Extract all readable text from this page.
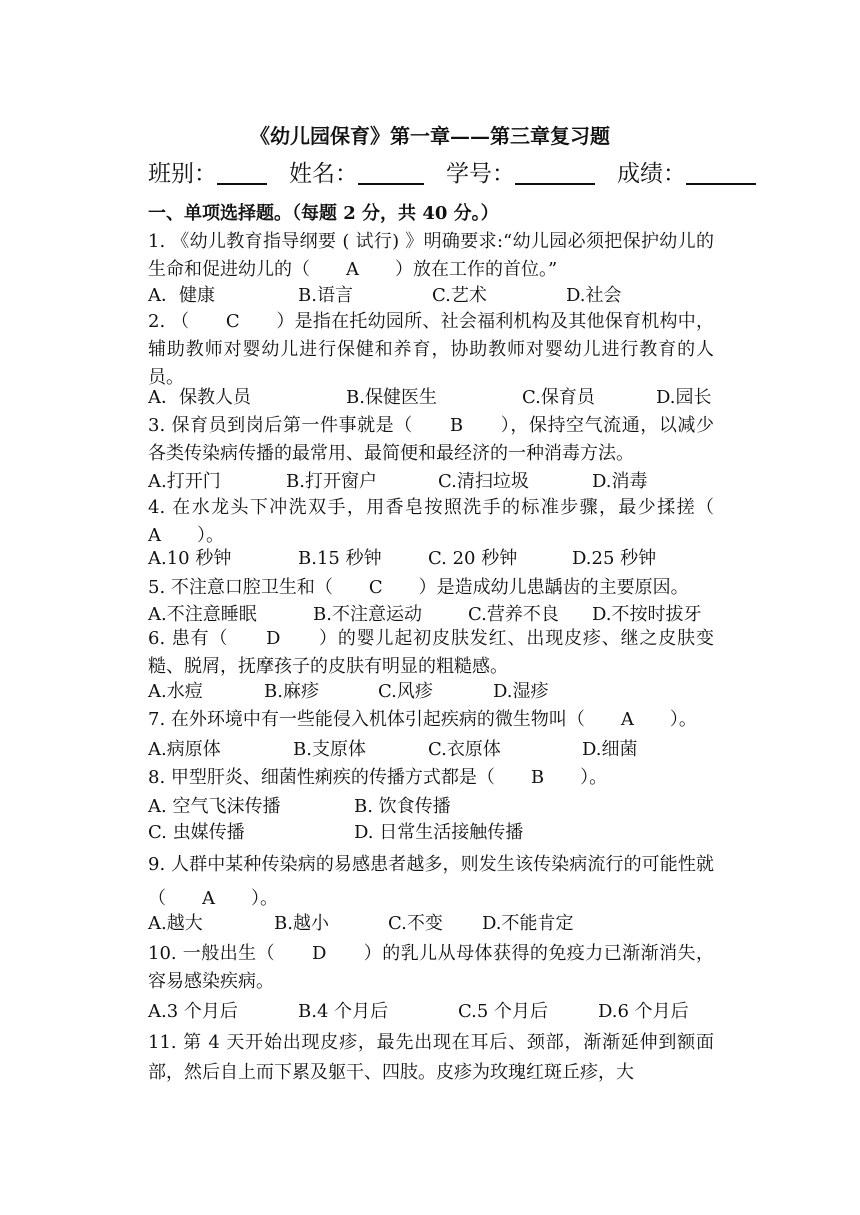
《幼儿园保育》第一章——第三章复习题
班别：	姓名：	学号：	成绩：
一、单项选择题。（每题 2 分，共 40 分。）
1. 《幼儿教育指导纲要 ( 试行) 》明确要求:“幼儿园必须把保护幼儿的生命和促进幼儿的（　　A　　）放在工作的首位。”
A．健康	B.语言	C.艺术	D.社会
2. （　　C　　）是指在托幼园所、社会福利机构及其他保育机构中，辅助教师对婴幼儿进行保健和养育，协助教师对婴幼儿进行教育的人员。
A．保教人员	B.保健医生	C.保育员	D.园长
3. 保育员到岗后第一件事就是（　　B　　），保持空气流通，以减少各类传染病传播的最常用、最简便和最经济的一种消毒方法。
A.打开门	B.打开窗户	C.清扫垃圾	D.消毒
4. 在水龙头下冲洗双手，用香皂按照洗手的标准步骤，最少揉搓（　　A　　）。
A.10 秒钟	B.15 秒钟	C. 20 秒钟	D.25 秒钟
5. 不注意口腔卫生和（　　C　　）是造成幼儿患龋齿的主要原因。
A.不注意睡眠	B.不注意运动	C.营养不良 D.不按时拔牙
6. 患有（　　D　　）的婴儿起初皮肤发红、出现皮疹、继之皮肤变糙、脱屑，抚摩孩子的皮肤有明显的粗糙感。
A.水痘	B.麻疹	C.风疹	D.湿疹
7. 在外环境中有一些能侵入机体引起疾病的微生物叫（　　A　　）。
A.病原体	B.支原体	C.衣原体	D.细菌
8. 甲型肝炎、细菌性痢疾的传播方式都是（　　B　　）。
A. 空气飞沫传播	B. 饮食传播
C. 虫媒传播	D. 日常生活接触传播
9. 人群中某种传染病的易感患者越多，则发生该传染病流行的可能性就（　　A　　）。
A.越大	B.越小	C.不变 D.不能肯定
10. 一般出生（　　D　　）的乳儿从母体获得的免疫力已渐渐消失，容易感染疾病。
A.3 个月后	B.4 个月后	C.5 个月后	D.6 个月后
11. 第 4 天开始出现皮疹，最先出现在耳后、颈部，渐渐延伸到额面部，然后自上而下累及躯干、四肢。皮疹为玫瑰红斑丘疹，大
